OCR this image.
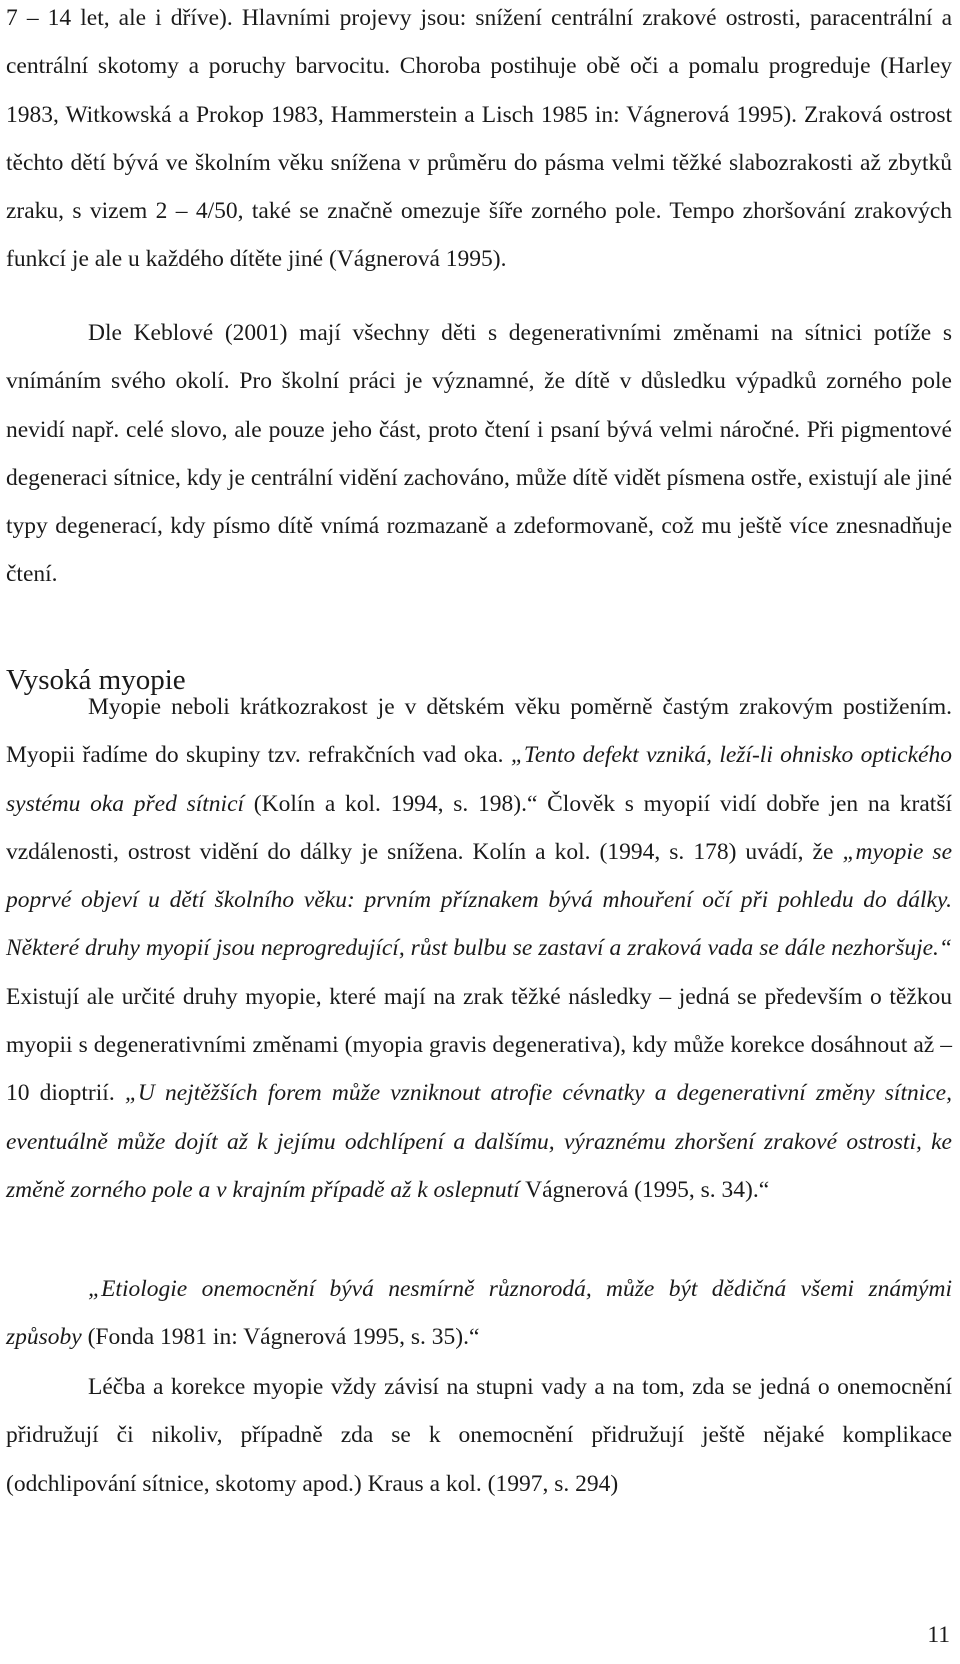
7 – 14 let, ale i dříve). Hlavními projevy jsou: snížení centrální zrakové ostrosti, paracentrální a centrální skotomy a poruchy barvocitu. Choroba postihuje obě oči a pomalu progreduje (Harley 1983, Witkowská a Prokop 1983, Hammerstein a Lisch 1985 in: Vágnerová 1995). Zraková ostrost těchto dětí bývá ve školním věku snížena v průměru do pásma velmi těžké slabozrakosti až zbytků zraku, s vizem 2 – 4/50, také se značně omezuje šíře zorného pole. Tempo zhoršování zrakových funkcí je ale u každého dítěte jiné (Vágnerová 1995).

Dle Keblové (2001) mají všechny děti s degenerativními změnami na sítnici potíže s vnímáním svého okolí. Pro školní práci je významné, že dítě v důsledku výpadků zorného pole nevidí např. celé slovo, ale pouze jeho část, proto čtení i psaní bývá velmi náročné. Při pigmentové degeneraci sítnice, kdy je centrální vidění zachováno, může dítě vidět písmena ostře, existují ale jiné typy degenerací, kdy písmo dítě vnímá rozmazaně a zdeformovaně, což mu ještě více znesnadňuje čtení.

Vysoká myopie

Myopie neboli krátkozrakost je v dětském věku poměrně častým zrakovým postižením. Myopii řadíme do skupiny tzv. refrakčních vad oka. „Tento defekt vzniká, leží-li ohnisko optického systému oka před sítnicí (Kolín a kol. 1994, s. 198).“ Člověk s myopií vidí dobře jen na kratší vzdálenosti, ostrost vidění do dálky je snížena. Kolín a kol. (1994, s. 178) uvádí, že „myopie se poprvé objeví u dětí školního věku: prvním příznakem bývá mhouření očí při pohledu do dálky. Některé druhy myopií jsou neprogredující, růst bulbu se zastaví a zraková vada se dále nezhoršuje.“ Existují ale určité druhy myopie, které mají na zrak těžké následky – jedná se především o těžkou myopii s degenerativními změnami (myopia gravis degenerativa), kdy může korekce dosáhnout až –10 dioptrií. „U nejtěžších forem může vzniknout atrofie cévnatky a degenerativní změny sítnice, eventuálně může dojít až k jejímu odchlípení a dalšímu, výraznému zhoršení zrakové ostrosti, ke změně zorného pole a v krajním případě až k oslepnutí Vágnerová (1995, s. 34).“

„Etiologie onemocnění bývá nesmírně různorodá, může být dědičná všemi známými způsoby (Fonda 1981 in: Vágnerová 1995, s. 35).“

Léčba a korekce myopie vždy závisí na stupni vady a na tom, zda se jedná o onemocnění přidružují či nikoliv, případně zda se k onemocnění přidružují ještě nějaké komplikace (odchlipování sítnice, skotomy apod.) Kraus a kol. (1997, s. 294)

11
